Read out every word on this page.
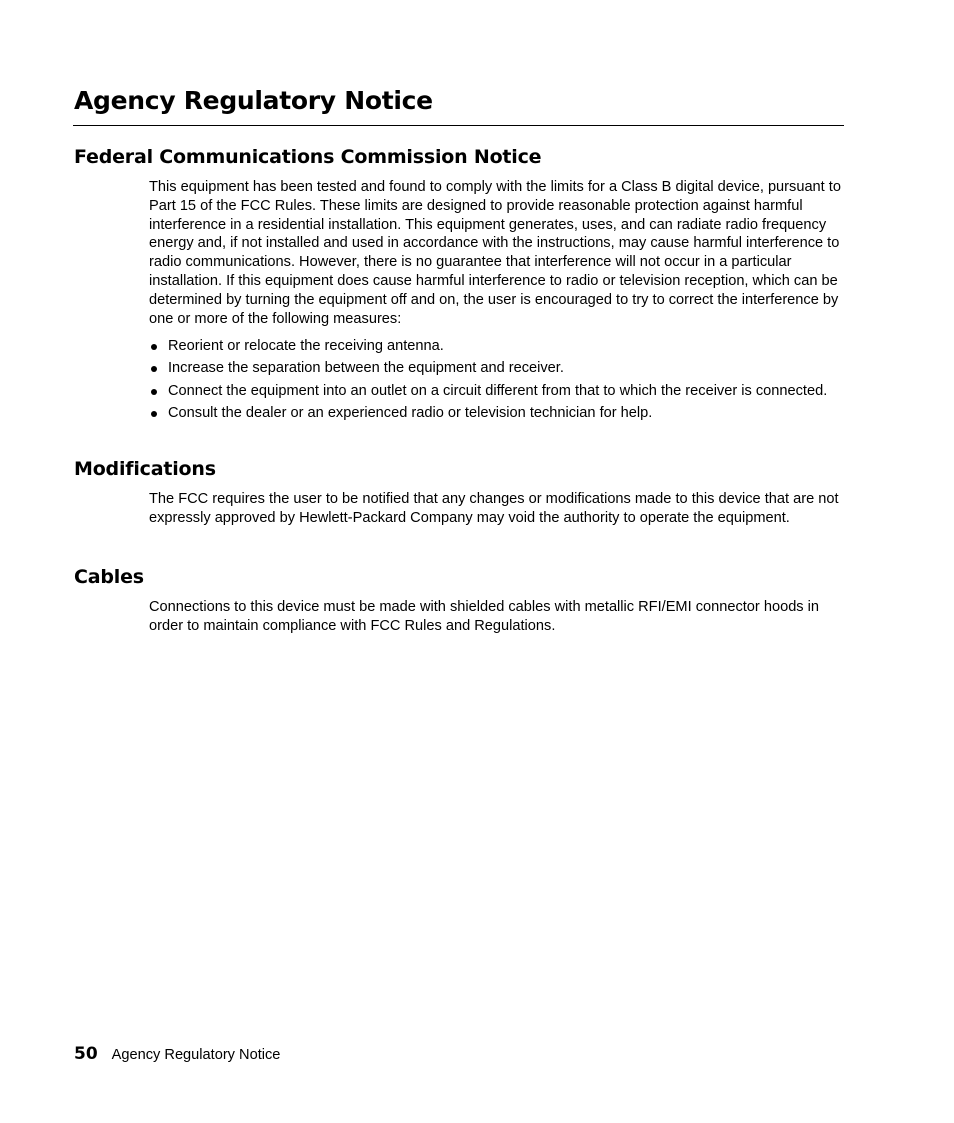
Agency Regulatory Notice
Federal Communications Commission Notice

This equipment has been tested and found to comply with the limits for a Class B digital device, pursuant to Part 15 of the FCC Rules. These limits are designed to provide reasonable protection against harmful interference in a residential installation. This equipment generates, uses, and can radiate radio frequency energy and, if not installed and used in accordance with the instructions, may cause harmful interference to radio communications. However, there is no guarantee that interference will not occur in a particular installation. If this equipment does cause harmful interference to radio or television reception, which can be determined by turning the equipment off and on, the user is encouraged to try to correct the interference by one or more of the following measures:

Reorient or relocate the receiving antenna.
Increase the separation between the equipment and receiver.
Connect the equipment into an outlet on a circuit different from that to which the receiver is connected.
Consult the dealer or an experienced radio or television technician for help.
Modifications

The FCC requires the user to be notified that any changes or modifications made to this device that are not expressly approved by Hewlett-Packard Company may void the authority to operate the equipment.

Cables

Connections to this device must be made with shielded cables with metallic RFI/EMI connector hoods in order to maintain compliance with FCC Rules and Regulations.

50 Agency Regulatory Notice
